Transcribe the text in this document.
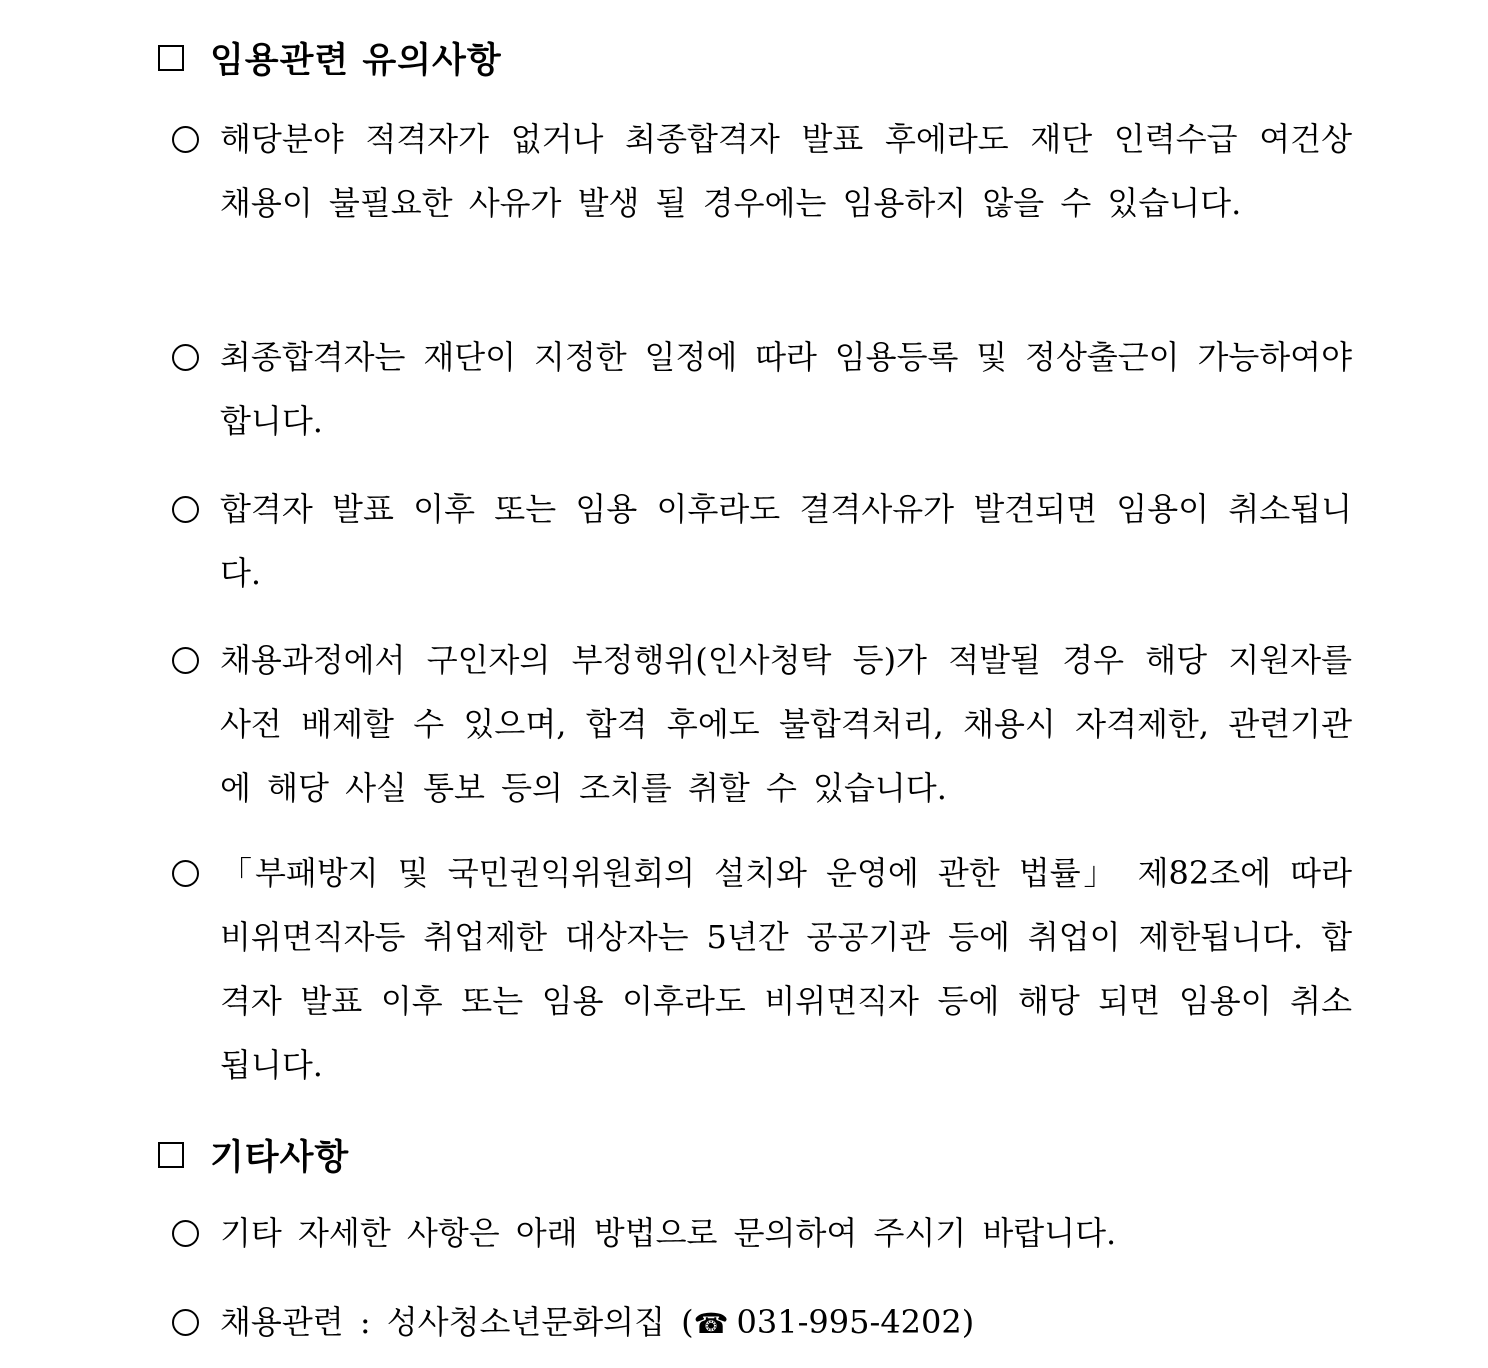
임용관련 유의사항
해당분야 적격자가 없거나 최종합격자 발표 후에라도 재단 인력수급 여건상 채용이 불필요한 사유가 발생 될 경우에는 임용하지 않을 수 있습니다.
최종합격자는 재단이 지정한 일정에 따라 임용등록 및 정상출근이 가능하여야 합니다.
합격자 발표 이후 또는 임용 이후라도 결격사유가 발견되면 임용이 취소됩니다.
채용과정에서 구인자의 부정행위(인사청탁 등)가 적발될 경우 해당 지원자를 사전 배제할 수 있으며, 합격 후에도 불합격처리, 채용시 자격제한, 관련기관에 해당 사실 통보 등의 조치를 취할 수 있습니다.
「부패방지 및 국민권익위원회의 설치와 운영에 관한 법률」 제82조에 따라 비위면직자등 취업제한 대상자는 5년간 공공기관 등에 취업이 제한됩니다. 합격자 발표 이후 또는 임용 이후라도 비위면직자 등에 해당 되면 임용이 취소됩니다.
기타사항
기타 자세한 사항은 아래 방법으로 문의하여 주시기 바랍니다.
채용관련 : 성사청소년문화의집 (☎ 031-995-4202)
